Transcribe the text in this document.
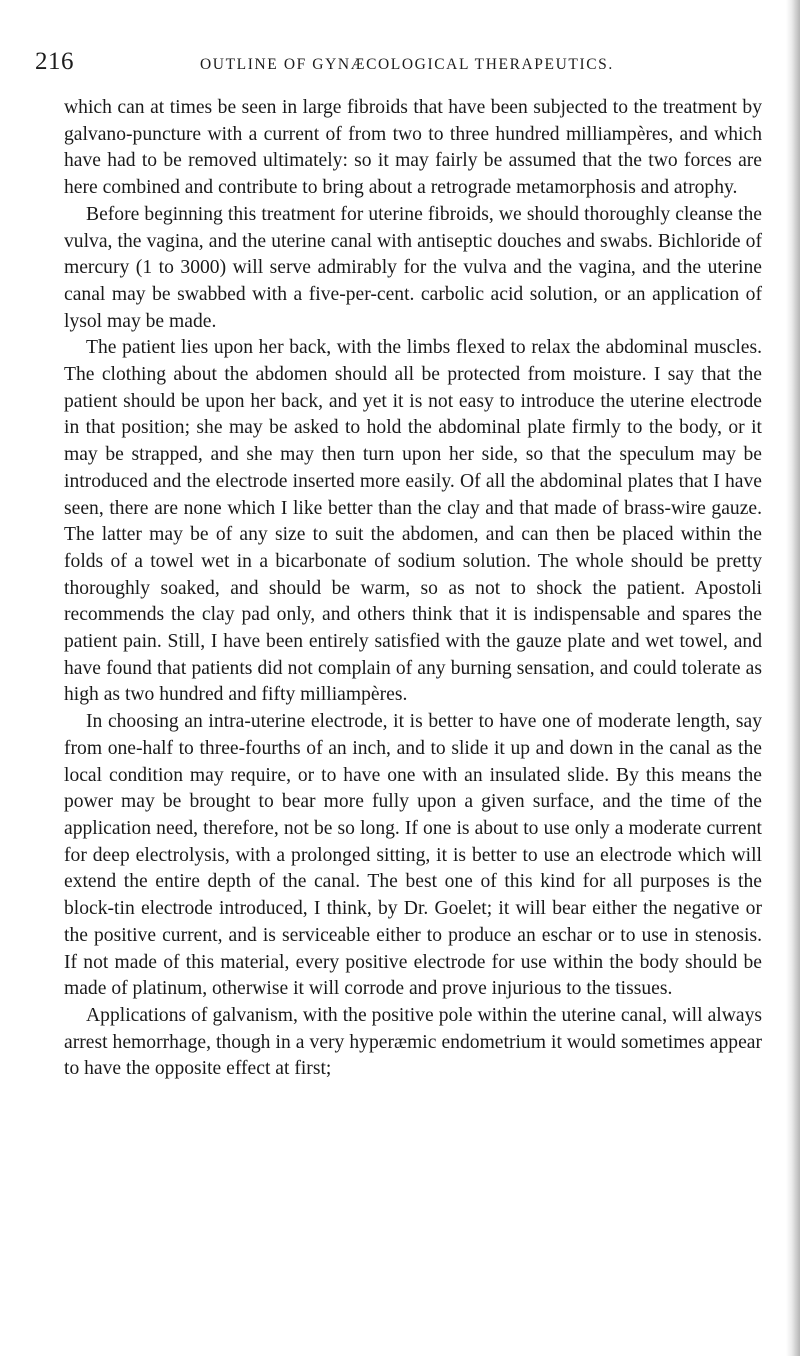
216	OUTLINE OF GYNÆCOLOGICAL THERAPEUTICS.

which can at times be seen in large fibroids that have been subjected to the treatment by galvano-puncture with a current of from two to three hundred milliampères, and which have had to be removed ultimately: so it may fairly be assumed that the two forces are here combined and contribute to bring about a retrograde metamorphosis and atrophy.

Before beginning this treatment for uterine fibroids, we should thoroughly cleanse the vulva, the vagina, and the uterine canal with antiseptic douches and swabs. Bichloride of mercury (1 to 3000) will serve admirably for the vulva and the vagina, and the uterine canal may be swabbed with a five-per-cent. carbolic acid solution, or an application of lysol may be made.

The patient lies upon her back, with the limbs flexed to relax the abdominal muscles. The clothing about the abdomen should all be protected from moisture. I say that the patient should be upon her back, and yet it is not easy to introduce the uterine electrode in that position; she may be asked to hold the abdominal plate firmly to the body, or it may be strapped, and she may then turn upon her side, so that the speculum may be introduced and the electrode inserted more easily. Of all the abdominal plates that I have seen, there are none which I like better than the clay and that made of brass-wire gauze. The latter may be of any size to suit the abdomen, and can then be placed within the folds of a towel wet in a bicarbonate of sodium solution. The whole should be pretty thoroughly soaked, and should be warm, so as not to shock the patient. Apostoli recommends the clay pad only, and others think that it is indispensable and spares the patient pain. Still, I have been entirely satisfied with the gauze plate and wet towel, and have found that patients did not complain of any burning sensation, and could tolerate as high as two hundred and fifty milliampères.

In choosing an intra-uterine electrode, it is better to have one of moderate length, say from one-half to three-fourths of an inch, and to slide it up and down in the canal as the local condition may require, or to have one with an insulated slide. By this means the power may be brought to bear more fully upon a given surface, and the time of the application need, therefore, not be so long. If one is about to use only a moderate current for deep electrolysis, with a prolonged sitting, it is better to use an electrode which will extend the entire depth of the canal. The best one of this kind for all purposes is the block-tin electrode introduced, I think, by Dr. Goelet; it will bear either the negative or the positive current, and is serviceable either to produce an eschar or to use in stenosis. If not made of this material, every positive electrode for use within the body should be made of platinum, otherwise it will corrode and prove injurious to the tissues.

Applications of galvanism, with the positive pole within the uterine canal, will always arrest hemorrhage, though in a very hyperæmic endometrium it would sometimes appear to have the opposite effect at first;
